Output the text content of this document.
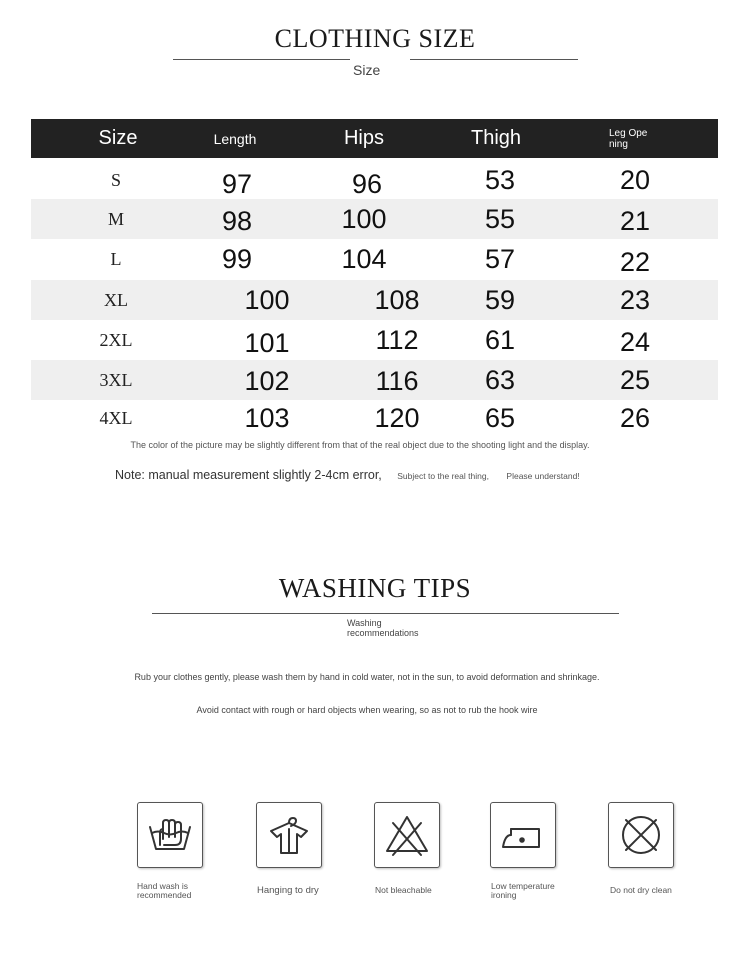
CLOTHING SIZE
Size
Size	Length	Hips	Thigh	Leg Ope
ning
S	97	96	53	20
M	98	100	55	21
L	99	104	57	22
XL	100	108	59	23
2XL	101	112	61	24
3XL	102	116	63	25
4XL	103	120	65	26
The color of the picture may be slightly different from that of the real object due to the shooting light and the display.
Note: manual measurement slightly 2-4cm error, Subject to the real thing, Please understand!
WASHING TIPS
Washing
recommendations
Rub your clothes gently, please wash them by hand in cold water, not in the sun, to avoid deformation and shrinkage.
Avoid contact with rough or hard objects when wearing, so as not to rub the hook wire
Hand wash is
recommended	Hanging to dry	Not bleachable	Low temperature
ironing	Do not dry clean
